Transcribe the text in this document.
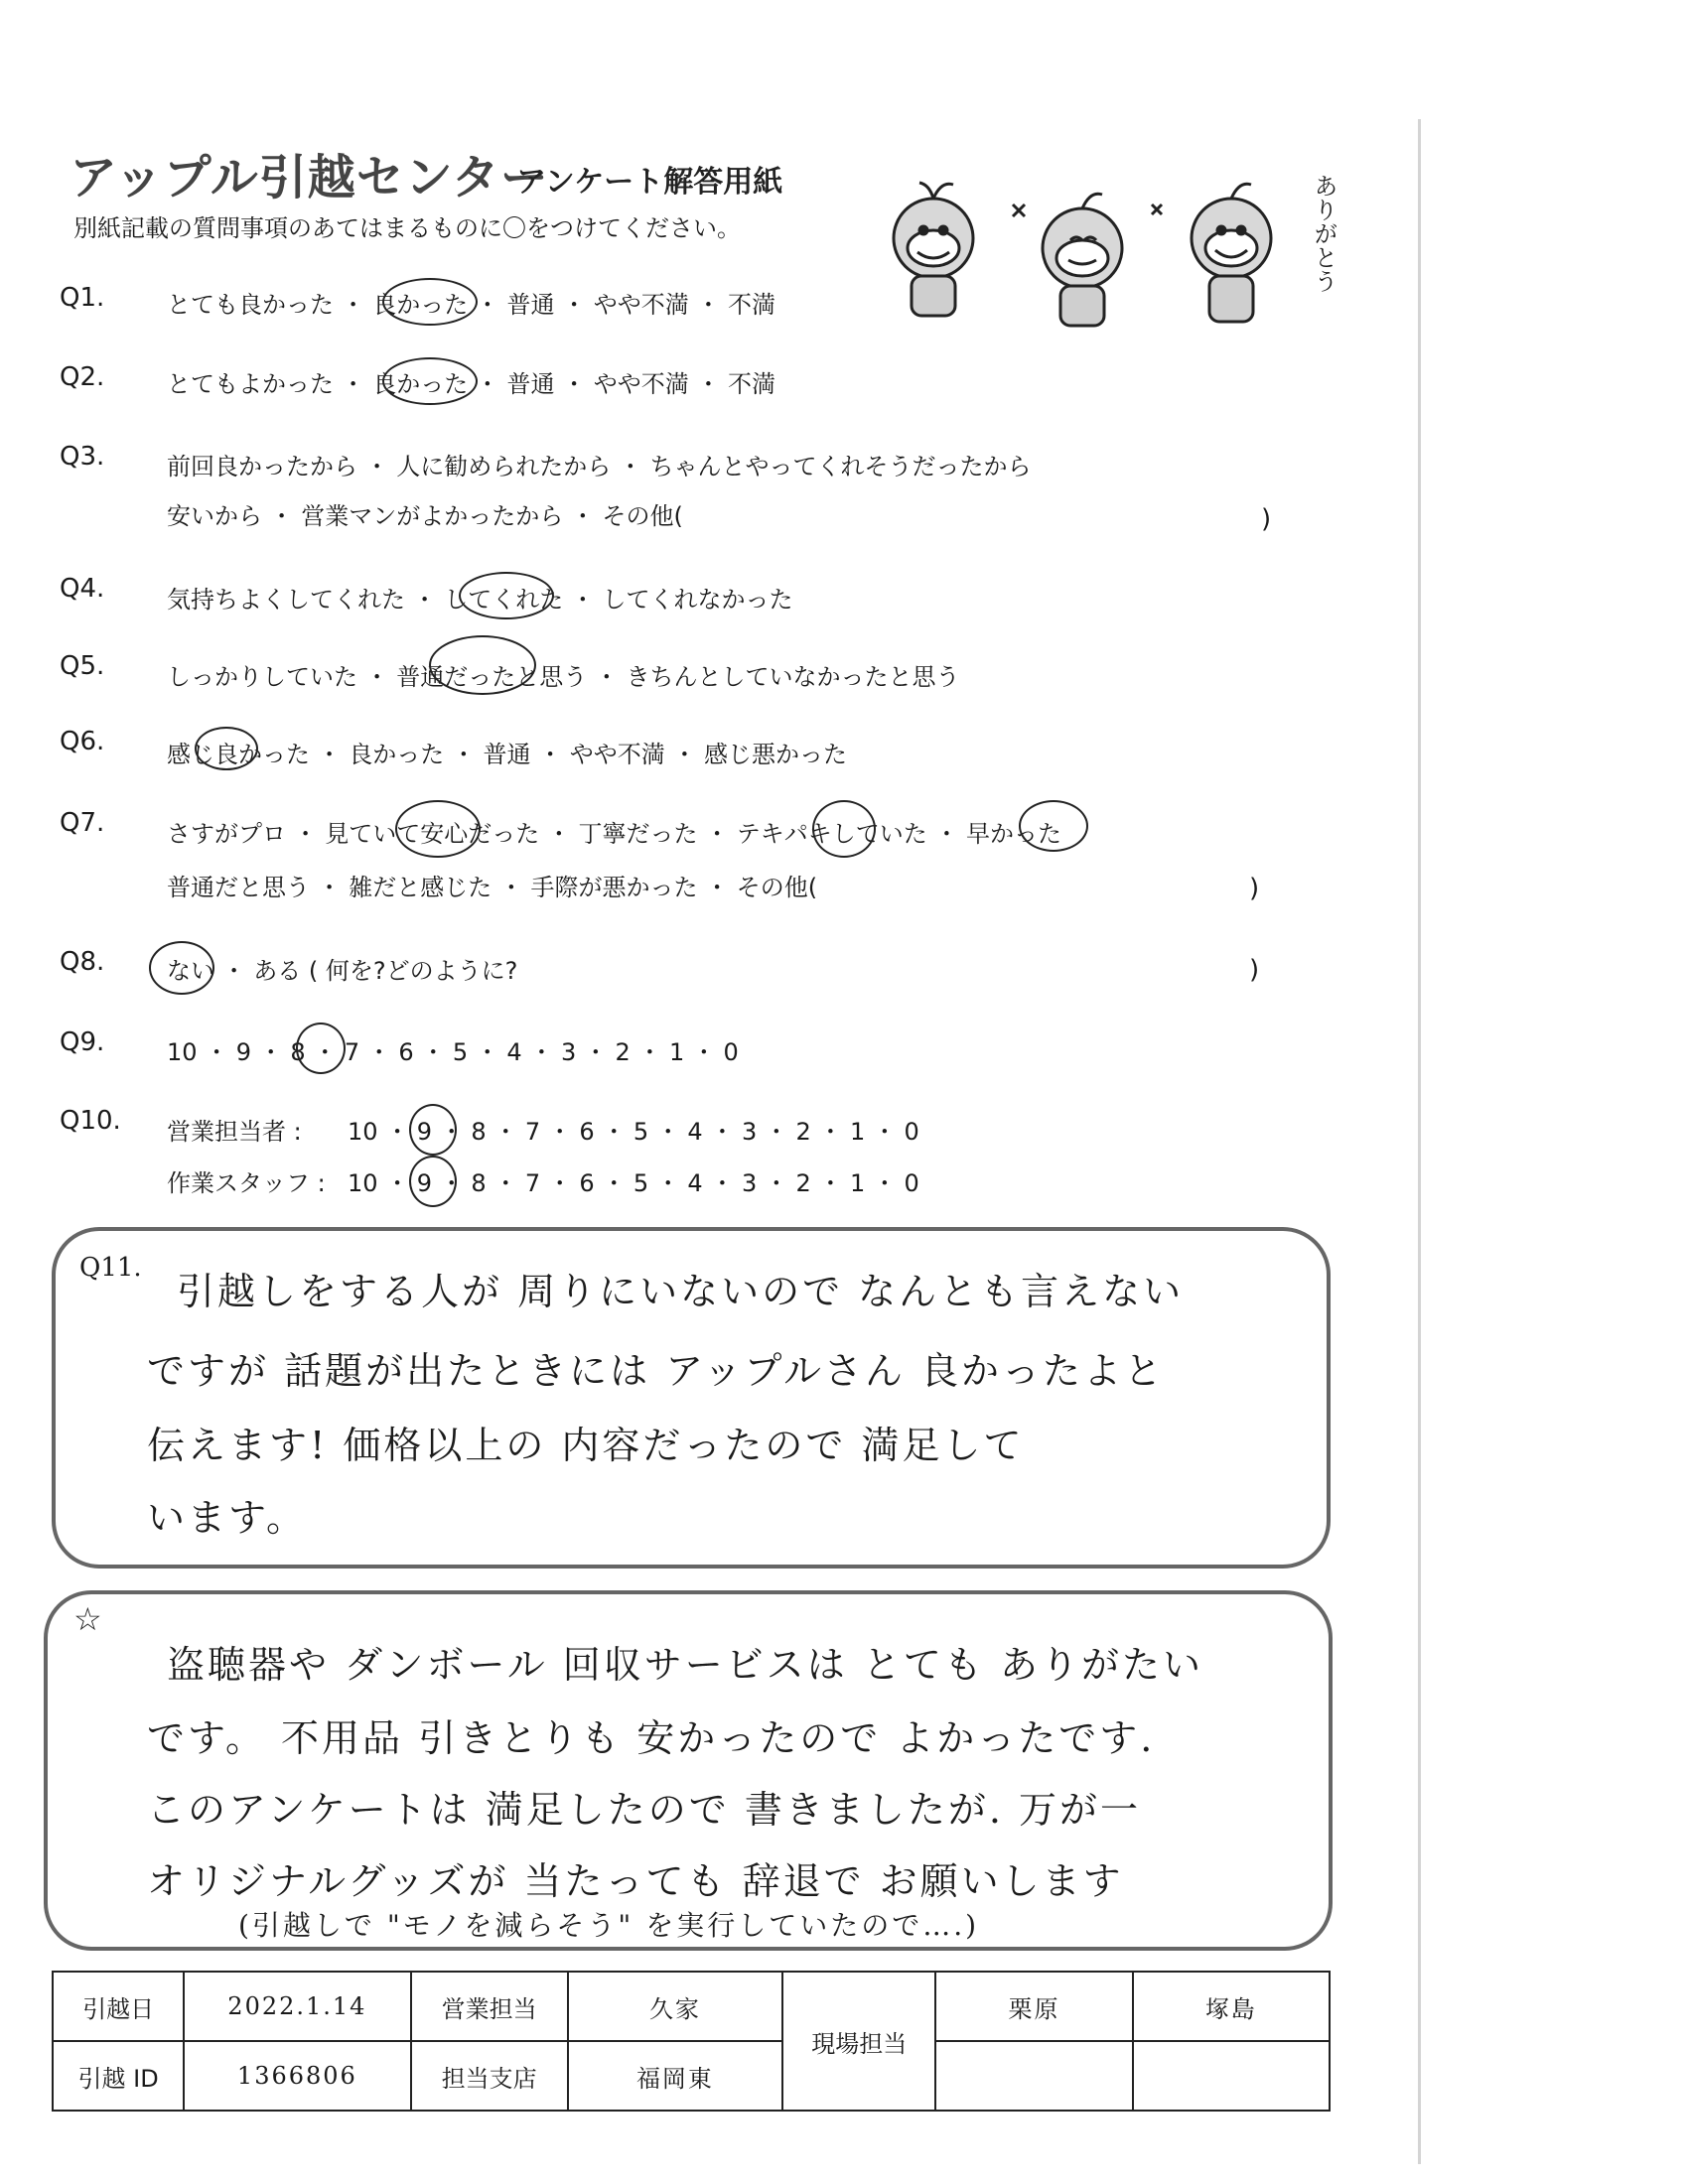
アップル引越センター
アンケート解答用紙
別紙記載の質問事項のあてはまるものに〇をつけてください。	ありがとう
Q1.	とても良かった ・ 良かった ・ 普通 ・ やや不満 ・ 不満
Q2.	とてもよかった ・ 良かった ・ 普通 ・ やや不満 ・ 不満
Q3.	前回良かったから ・ 人に勧められたから ・ ちゃんとやってくれそうだったから
安いから ・ 営業マンがよかったから ・ その他(	)
Q4.	気持ちよくしてくれた ・ してくれた ・ してくれなかった
Q5.	しっかりしていた ・ 普通だったと思う ・ きちんとしていなかったと思う
Q6.	感じ良かった ・ 良かった ・ 普通 ・ やや不満 ・ 感じ悪かった
Q7.	さすがプロ ・ 見ていて安心だった ・ 丁寧だった ・ テキパキしていた ・ 早かった
普通だと思う ・ 雑だと感じた ・ 手際が悪かった ・ その他(	)
Q8.	ない ・ ある ( 何を?どのように?	)
Q9.	10 ・ 9 ・ 8 ・ 7 ・ 6 ・ 5 ・ 4 ・ 3 ・ 2 ・ 1 ・ 0
Q10. 営業担当者 : 10 ・ 9 ・ 8 ・ 7 ・ 6 ・ 5 ・ 4 ・ 3 ・ 2 ・ 1 ・ 0
作業スタッフ : 10 ・ 9 ・ 8 ・ 7 ・ 6 ・ 5 ・ 4 ・ 3 ・ 2 ・ 1 ・ 0
Q11.
引越しをする人が 周りにいないので なんとも言えない
ですが 話題が出たときには アップルさん 良かったよと
伝えます! 価格以上の 内容だったので 満足して
います。
☆
盗聴器や ダンボール 回収サービスは とても ありがたい
です。 不用品 引きとりも 安かったので よかったです.
このアンケートは 満足したので 書きましたが. 万が一
オリジナルグッズが 当たっても 辞退で お願いします
(引越しで "モノを減らそう" を実行していたので….)
引越日	2022.1.14	営業担当	久家	現場担当	栗原	塚島
引越 ID	1366806	担当支店	福岡東			
